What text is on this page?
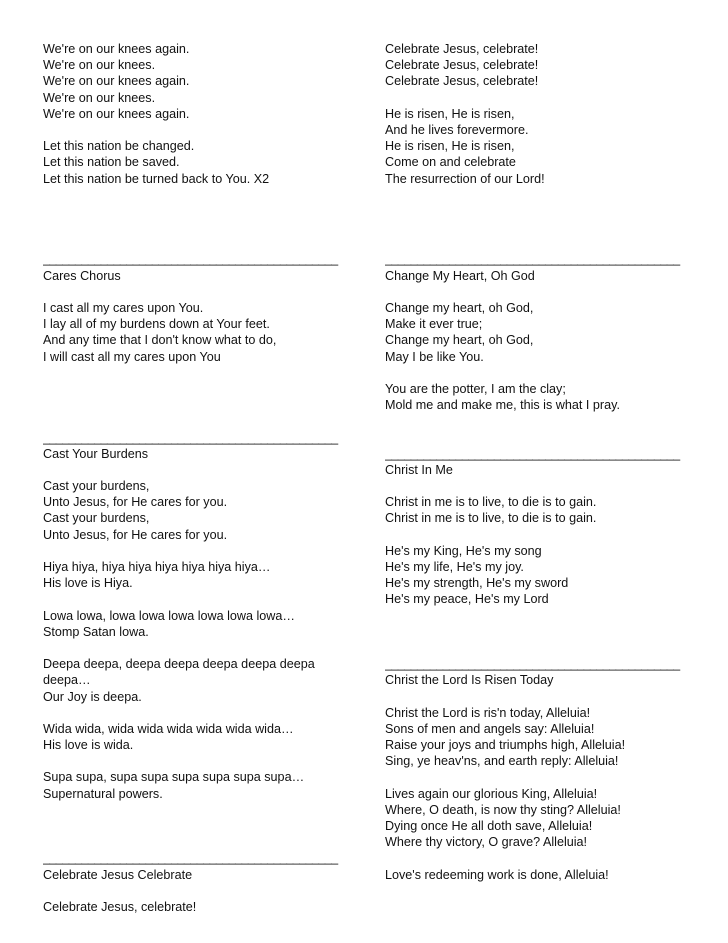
We're on our knees again.
We're on our knees.
We're on our knees again.
We're on our knees.
We're on our knees again.
Let this nation be changed.
Let this nation be saved.
Let this nation be turned back to You. X2
______________________________________________
Cares Chorus
I cast all my cares upon You.
I lay all of my burdens down at Your feet.
And any time that I don't know what to do,
I will cast all my cares upon You
______________________________________________
Cast Your Burdens
Cast your burdens,
Unto Jesus, for He cares for you.
Cast your burdens,
Unto Jesus, for He cares for you.
Hiya hiya, hiya hiya hiya hiya hiya hiya…
His love is Hiya.
Lowa lowa, lowa lowa lowa lowa lowa lowa…
Stomp Satan lowa.
Deepa deepa, deepa deepa deepa deepa deepa
deepa…
Our Joy is deepa.
Wida wida, wida wida wida wida wida wida…
His love is wida.
Supa supa, supa supa supa supa supa supa…
Supernatural powers.
______________________________________________
Celebrate Jesus Celebrate
Celebrate Jesus, celebrate!
Celebrate Jesus, celebrate!
Celebrate Jesus, celebrate!
Celebrate Jesus, celebrate!
He is risen, He is risen,
And he lives forevermore.
He is risen, He is risen,
Come on and celebrate
The resurrection of our Lord!
______________________________________________
Change My Heart, Oh God
Change my heart, oh God,
Make it ever true;
Change my heart, oh God,
May I be like You.
You are the potter, I am the clay;
Mold me and make me, this is what I pray.
______________________________________________
Christ In Me
Christ in me is to live, to die is to gain.
Christ in me is to live, to die is to gain.
He's my King, He's my song
He's my life, He's my joy.
He's my strength, He's my sword
He's my peace, He's my Lord
______________________________________________
Christ the Lord Is Risen Today
Christ the Lord is ris'n today, Alleluia!
Sons of men and angels say: Alleluia!
Raise your joys and triumphs high, Alleluia!
Sing, ye heav'ns, and earth reply: Alleluia!
Lives again our glorious King, Alleluia!
Where, O death, is now thy sting? Alleluia!
Dying once He all doth save, Alleluia!
Where thy victory, O grave? Alleluia!
Love's redeeming work is done, Alleluia!
